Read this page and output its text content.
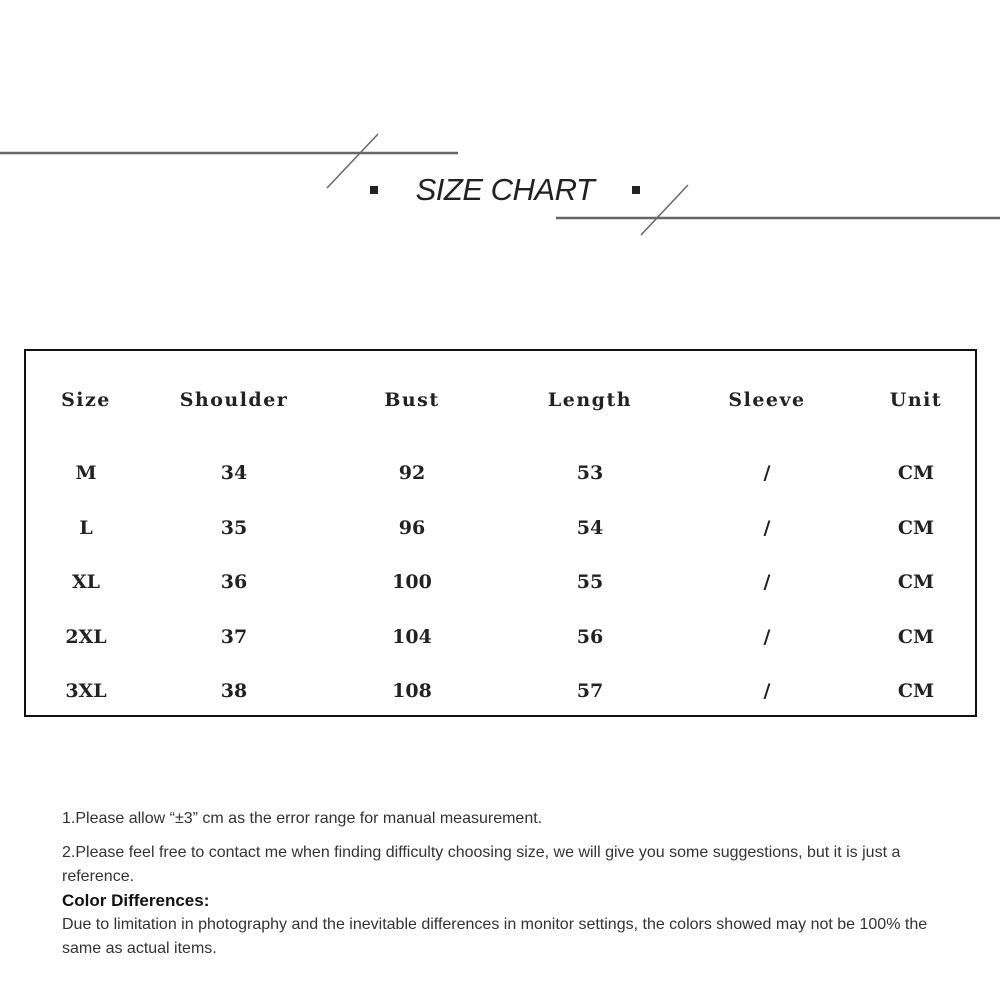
SIZE CHART
Size	Shoulder	Bust	Length	Sleeve	Unit
M	34	92	53	/	CM
L	35	96	54	/	CM
XL	36	100	55	/	CM
2XL	37	104	56	/	CM
3XL	38	108	57	/	CM

1.Please allow “±3” cm as the error range for manual measurement.

2.Please feel free to contact me when finding difficulty choosing size, we will give you some suggestions, but it is just a reference.

Color Differences:

Due to limitation in photography and the inevitable differences in monitor settings, the colors showed may not be 100% the same as actual items.
